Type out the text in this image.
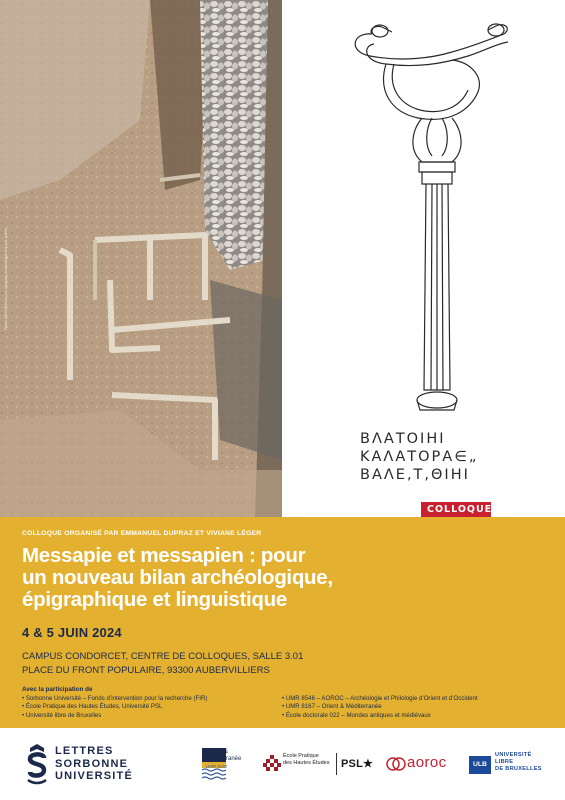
Photo d’Ezio/Fabien (ou Jacques) archéologue tiré aux ordres
ΒΛΑΤΟΙΗΙ
ΚΑΛΑΤΟΡΑ∈„
ΒΑΛΕ,Τ,ΘΙΗΙ
COLLOQUE
COLLOQUE ORGANISÉ PAR EMMANUEL DUPRAZ ET VIVIANE LÉGER
Messapie et messapien : pour
un nouveau bilan archéologique,
épigraphique et linguistique
4 & 5 JUIN 2024
CAMPUS CONDORCET, CENTRE DE COLLOQUES, SALLE 3.01
PLACE DU FRONT POPULAIRE, 93300 AUBERVILLIERS
Avec la participation de
• Sorbonne Université – Fonds d’intervention pour la recherche (FIR)
• École Pratique des Hautes Études, Université PSL
• Université libre de Bruxelles
• UMR 8546 – AOROC – Archéologie et Philologie d’Orient et d’Occident
• UMR 8167 – Orient & Méditerranée
• École doctorale 022 – Mondes antiques et médiévaux
LETTRES
SORBONNE
UNIVERSITÉ
Orient &
Méditerranée
UMR 8167
École Pratique
des Hautes Études PSL★ aoroc	ULB
UNIVERSITÉ
LIBRE
DE BRUXELLES
